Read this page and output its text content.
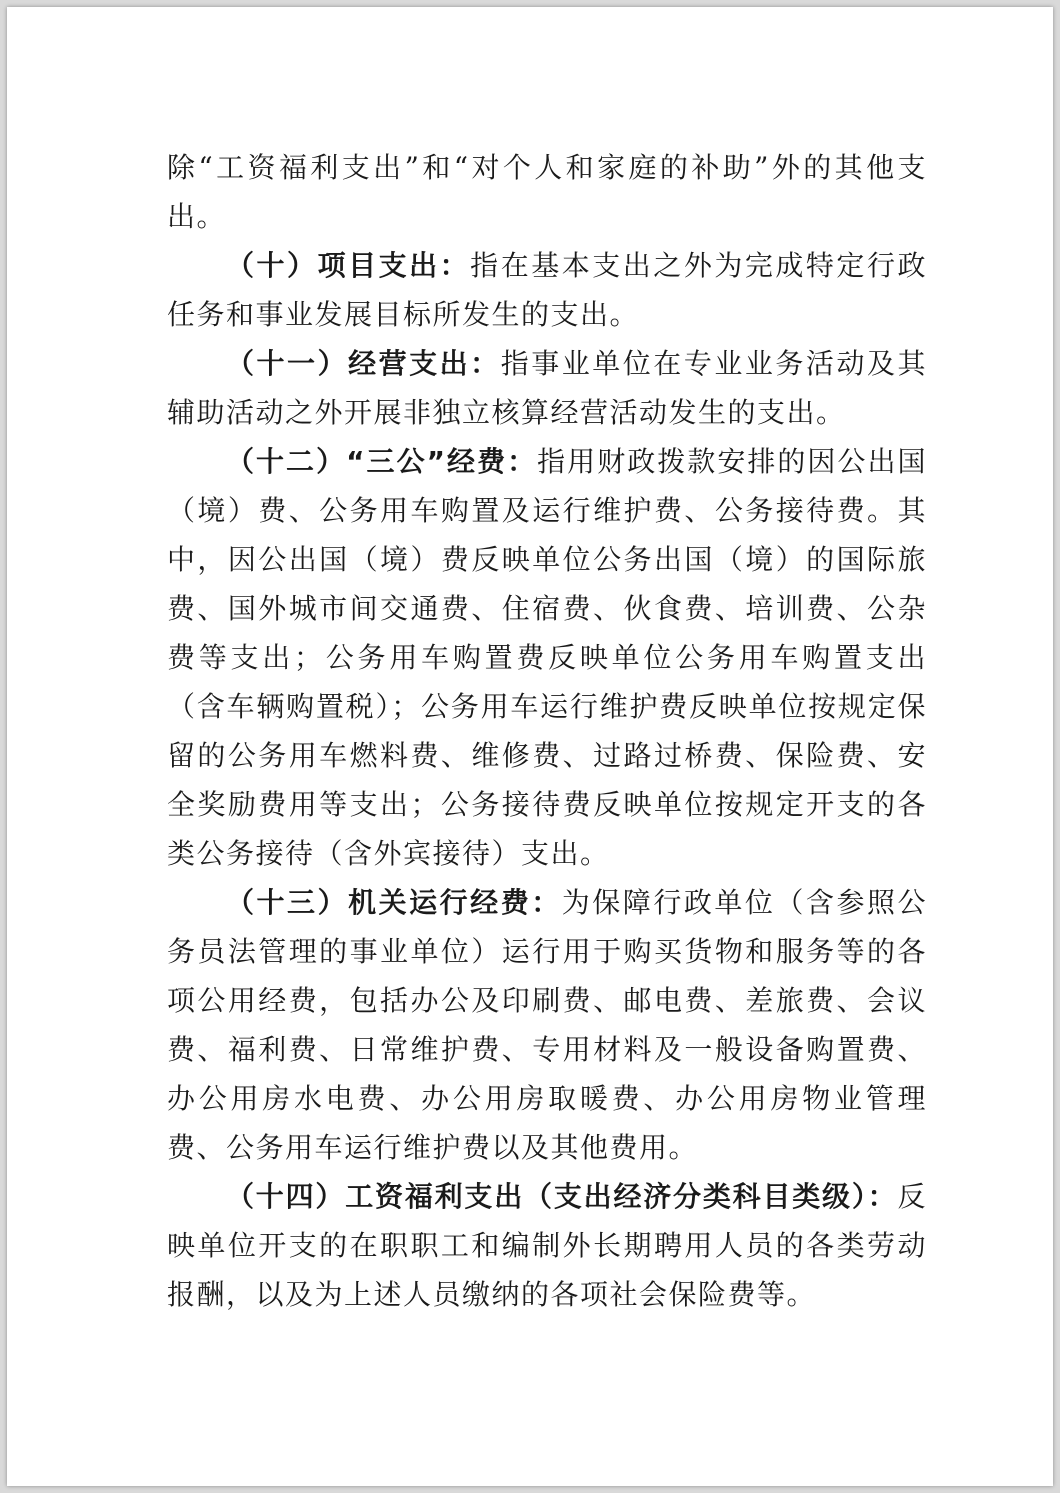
除“工资福利支出”和“对个人和家庭的补助”外的其他支出。

（十）项目支出：指在基本支出之外为完成特定行政任务和事业发展目标所发生的支出。

（十一）经营支出：指事业单位在专业业务活动及其辅助活动之外开展非独立核算经营活动发生的支出。

（十二）“三公”经费：指用财政拨款安排的因公出国（境）费、公务用车购置及运行维护费、公务接待费。其中，因公出国（境）费反映单位公务出国（境）的国际旅费、国外城市间交通费、住宿费、伙食费、培训费、公杂费等支出；公务用车购置费反映单位公务用车购置支出（含车辆购置税）；公务用车运行维护费反映单位按规定保留的公务用车燃料费、维修费、过路过桥费、保险费、安全奖励费用等支出；公务接待费反映单位按规定开支的各类公务接待（含外宾接待）支出。

（十三）机关运行经费：为保障行政单位（含参照公务员法管理的事业单位）运行用于购买货物和服务等的各项公用经费，包括办公及印刷费、邮电费、差旅费、会议费、福利费、日常维护费、专用材料及一般设备购置费、办公用房水电费、办公用房取暖费、办公用房物业管理费、公务用车运行维护费以及其他费用。

（十四）工资福利支出（支出经济分类科目类级）：反映单位开支的在职职工和编制外长期聘用人员的各类劳动报酬，以及为上述人员缴纳的各项社会保险费等。
